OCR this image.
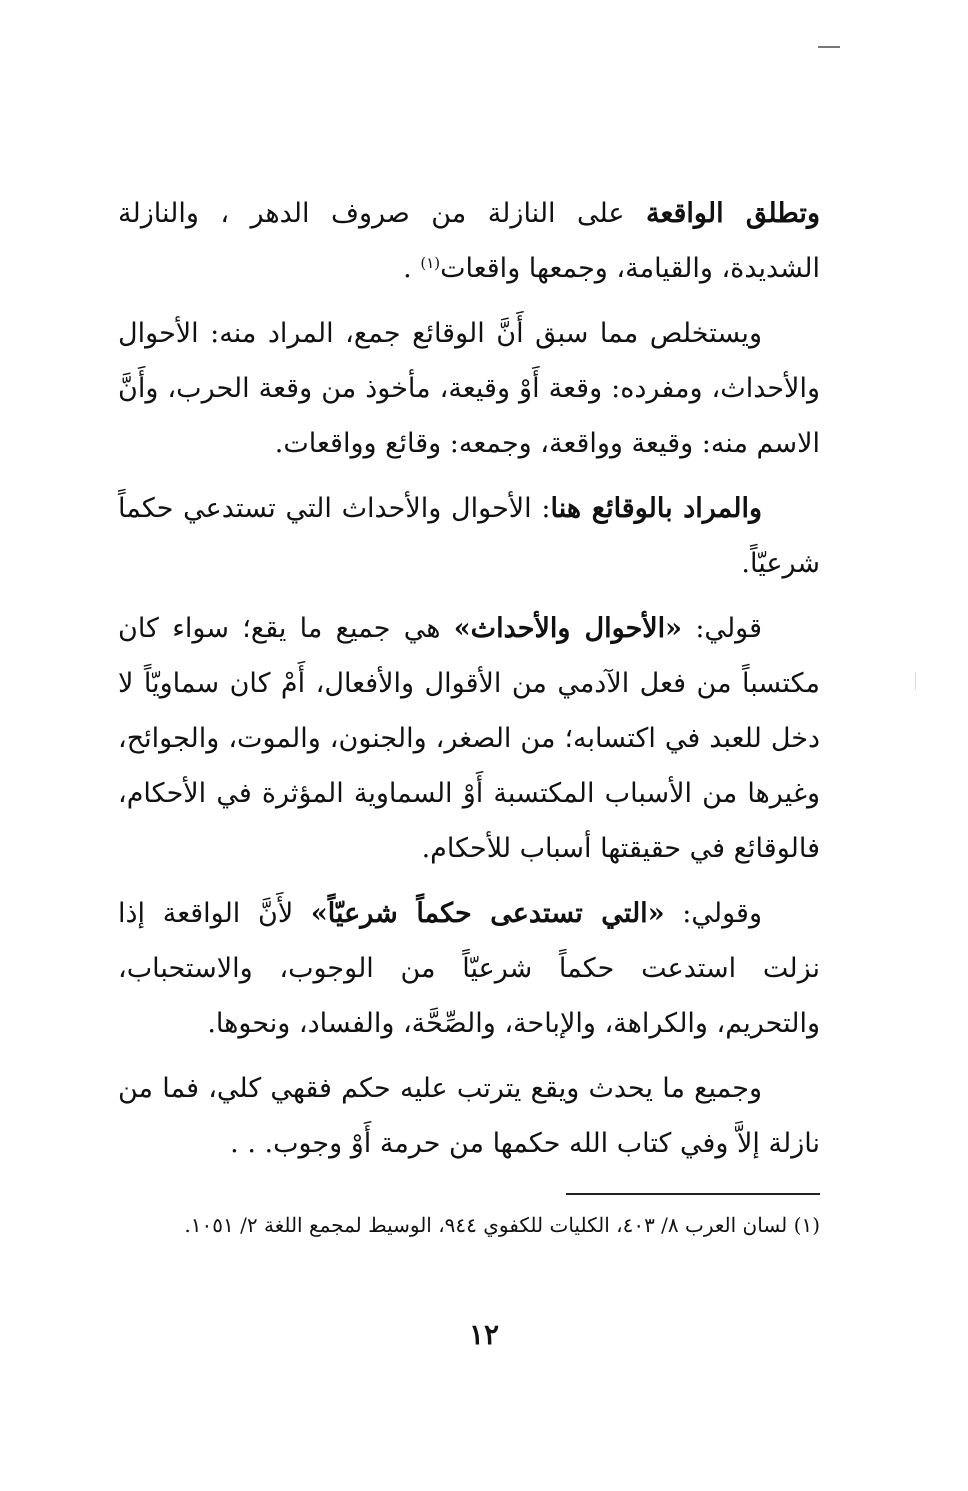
وتطلق الواقعة على النازلة من صروف الدهر ، والنازلة الشديدة، والقيامة، وجمعها واقعات$^{(١)}$ .

ويستخلص مما سبق أَنَّ الوقائع جمع، المراد منه: الأحوال والأحداث، ومفرده: وقعة أَوْ وقيعة، مأخوذ من وقعة الحرب، وأَنَّ الاسم منه: وقيعة وواقعة، وجمعه: وقائع وواقعات.

والمراد بالوقائع هنا: الأحوال والأحداث التي تستدعي حكماً شرعيّاً.

قولي: «الأحوال والأحداث» هي جميع ما يقع؛ سواء كان مكتسباً من فعل الآدمي من الأقوال والأفعال، أَمْ كان سماويّاً لا دخل للعبد في اكتسابه؛ من الصغر، والجنون، والموت، والجوائح، وغيرها من الأسباب المكتسبة أَوْ السماوية المؤثرة في الأحكام، فالوقائع في حقيقتها أسباب للأحكام.

وقولي: «التي تستدعى حكماً شرعيّاً» لأَنَّ الواقعة إذا نزلت استدعت حكماً شرعيّاً من الوجوب، والاستحباب، والتحريم، والكراهة، والإباحة، والصِّحَّة، والفساد، ونحوها.

وجميع ما يحدث ويقع يترتب عليه حكم فقهي كلي، فما من نازلة إلاَّ وفي كتاب الله حكمها من حرمة أَوْ وجوب. . .

(١) لسان العرب ٨/ ٤٠٣، الكليات للكفوي ٩٤٤، الوسيط لمجمع اللغة ٢/ ١٠٥١.
١٢
